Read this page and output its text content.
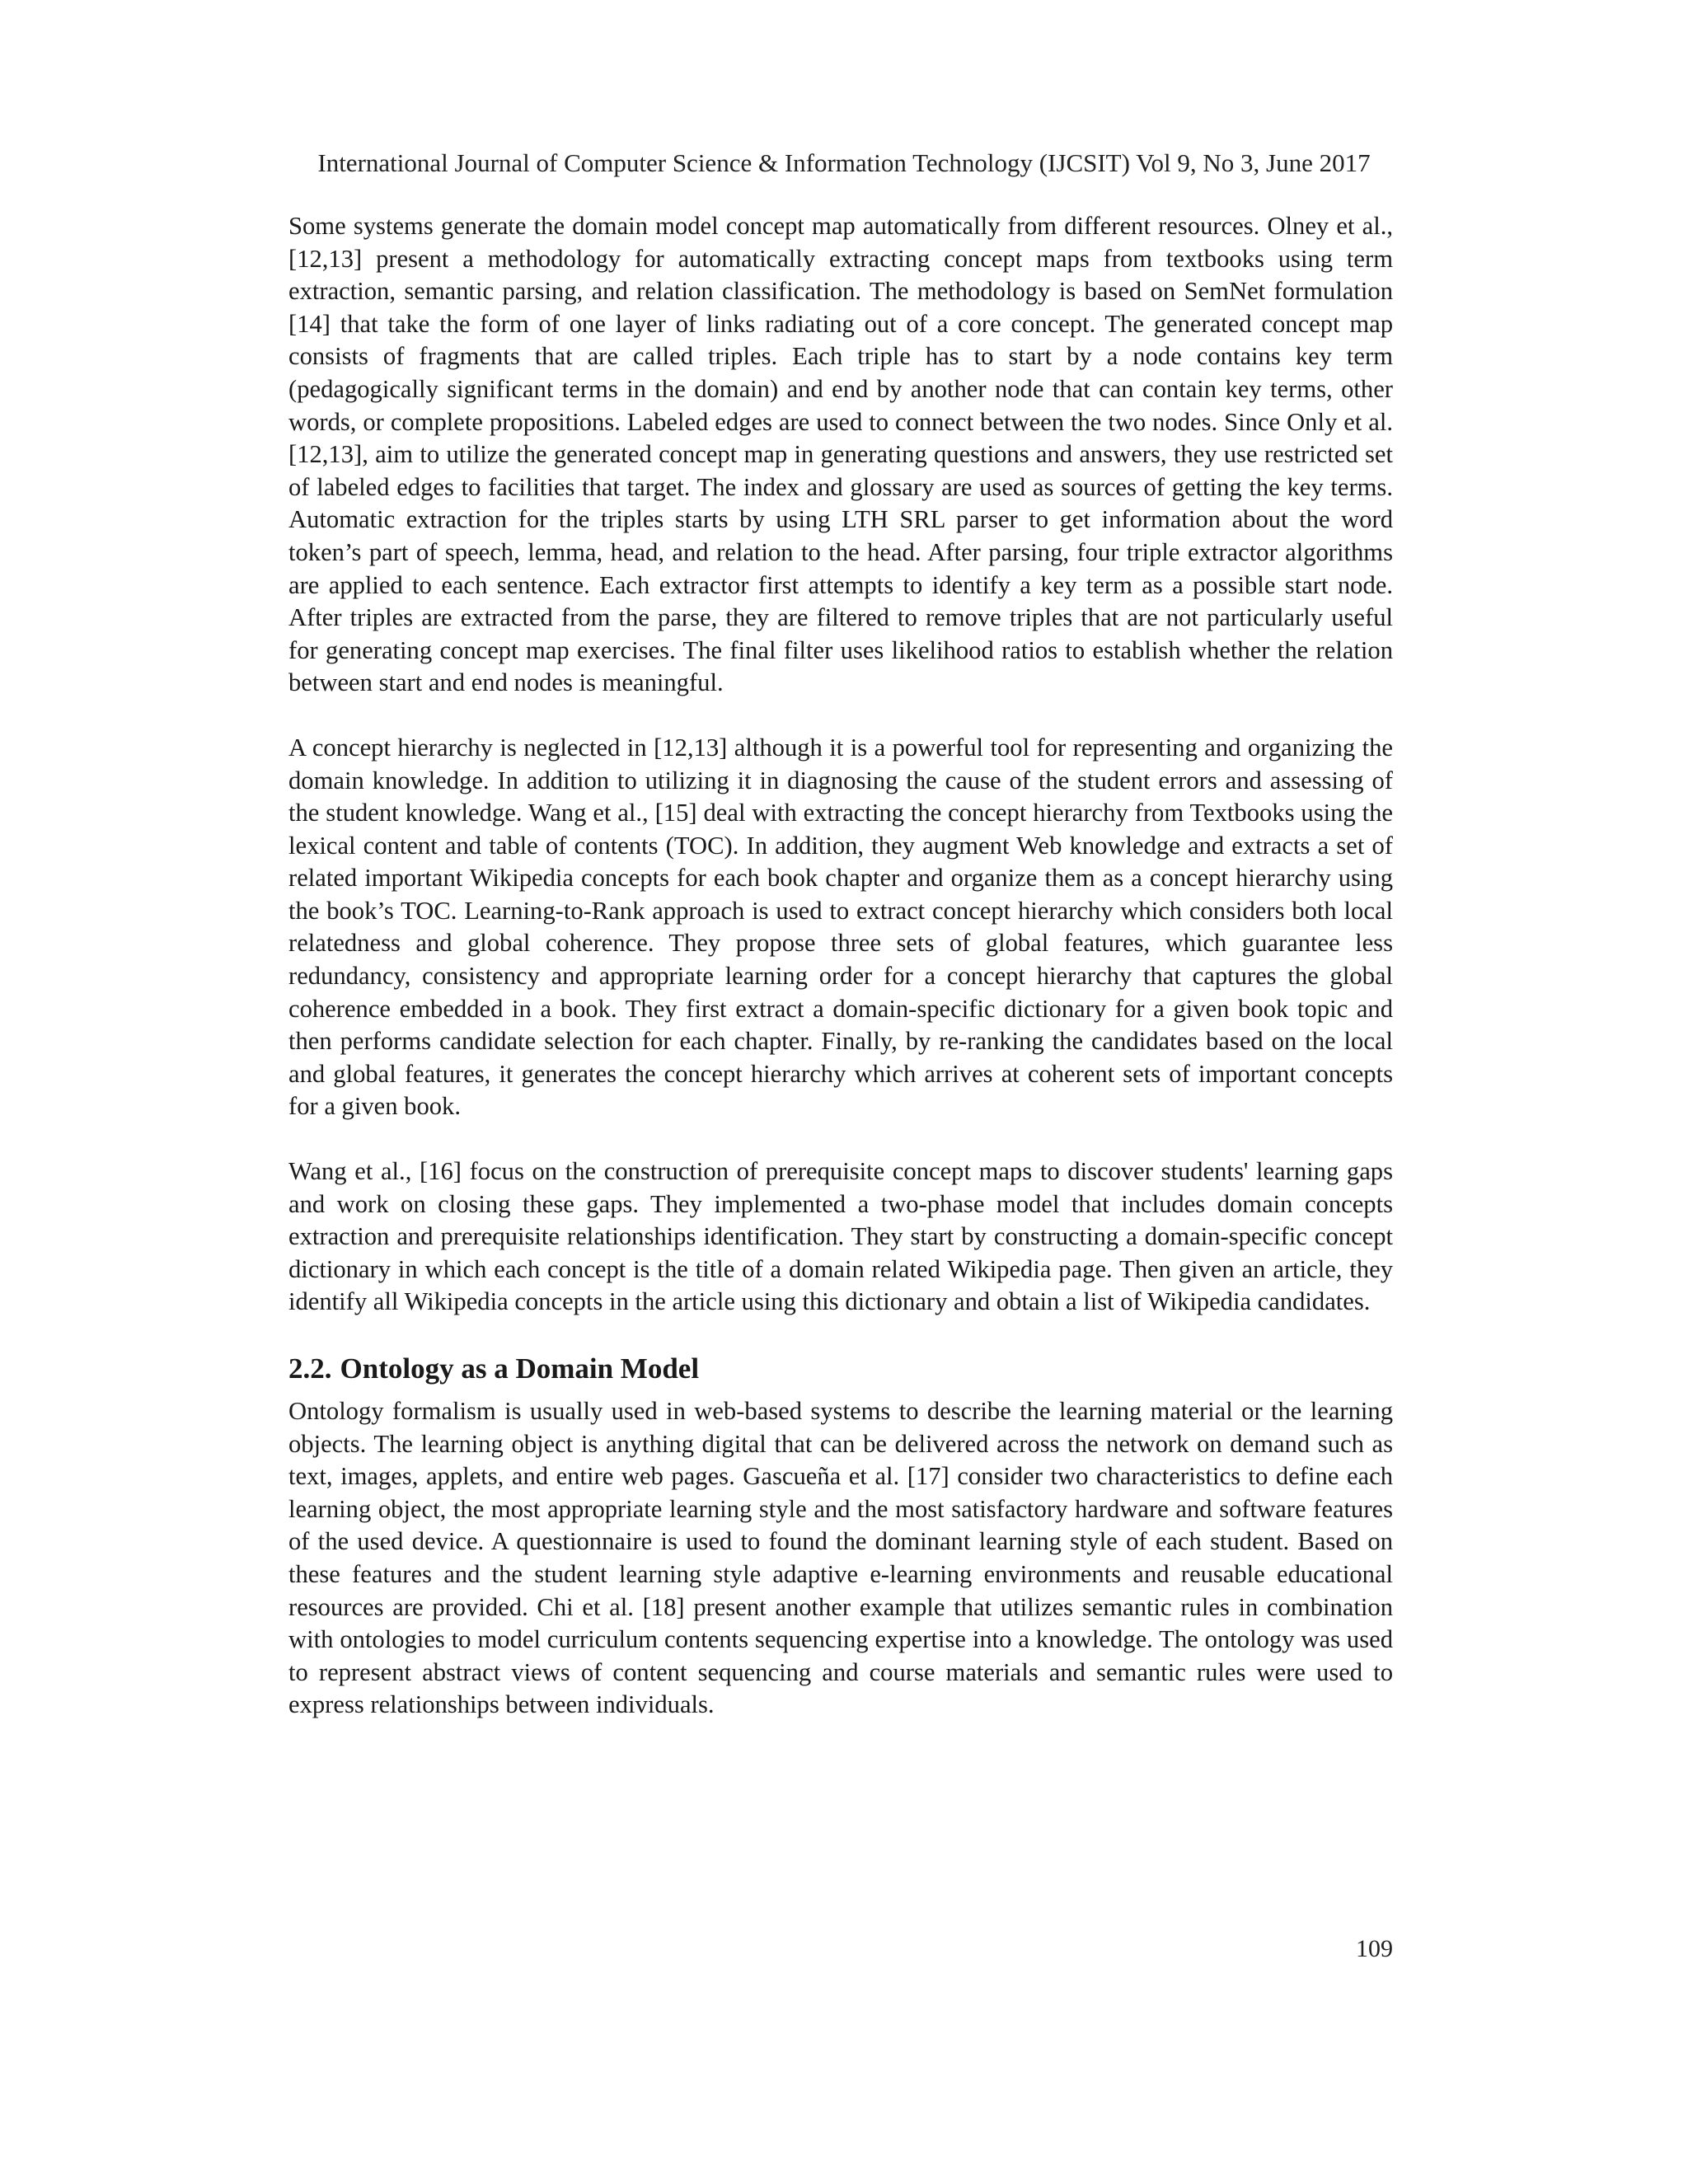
International Journal of Computer Science & Information Technology (IJCSIT) Vol 9, No 3, June 2017

Some systems generate the domain model concept map automatically from different resources. Olney et al., [12,13] present a methodology for automatically extracting concept maps from textbooks using term extraction, semantic parsing, and relation classification. The methodology is based on SemNet formulation [14] that take the form of one layer of links radiating out of a core concept. The generated concept map consists of fragments that are called triples. Each triple has to start by a node contains key term (pedagogically significant terms in the domain) and end by another node that can contain key terms, other words, or complete propositions. Labeled edges are used to connect between the two nodes. Since Only et al. [12,13], aim to utilize the generated concept map in generating questions and answers, they use restricted set of labeled edges to facilities that target. The index and glossary are used as sources of getting the key terms. Automatic extraction for the triples starts by using LTH SRL parser to get information about the word token’s part of speech, lemma, head, and relation to the head. After parsing, four triple extractor algorithms are applied to each sentence. Each extractor first attempts to identify a key term as a possible start node. After triples are extracted from the parse, they are filtered to remove triples that are not particularly useful for generating concept map exercises. The final filter uses likelihood ratios to establish whether the relation between start and end nodes is meaningful.

A concept hierarchy is neglected in [12,13] although it is a powerful tool for representing and organizing the domain knowledge. In addition to utilizing it in diagnosing the cause of the student errors and assessing of the student knowledge. Wang et al., [15] deal with extracting the concept hierarchy from Textbooks using the lexical content and table of contents (TOC). In addition, they augment Web knowledge and extracts a set of related important Wikipedia concepts for each book chapter and organize them as a concept hierarchy using the book’s TOC. Learning-to-Rank approach is used to extract concept hierarchy which considers both local relatedness and global coherence. They propose three sets of global features, which guarantee less redundancy, consistency and appropriate learning order for a concept hierarchy that captures the global coherence embedded in a book. They first extract a domain-specific dictionary for a given book topic and then performs candidate selection for each chapter. Finally, by re-ranking the candidates based on the local and global features, it generates the concept hierarchy which arrives at coherent sets of important concepts for a given book.

Wang et al., [16] focus on the construction of prerequisite concept maps to discover students' learning gaps and work on closing these gaps. They implemented a two-phase model that includes domain concepts extraction and prerequisite relationships identification. They start by constructing a domain-specific concept dictionary in which each concept is the title of a domain related Wikipedia page. Then given an article, they identify all Wikipedia concepts in the article using this dictionary and obtain a list of Wikipedia candidates.

2.2. Ontology as a Domain Model

Ontology formalism is usually used in web-based systems to describe the learning material or the learning objects. The learning object is anything digital that can be delivered across the network on demand such as text, images, applets, and entire web pages. Gascueña et al. [17] consider two characteristics to define each learning object, the most appropriate learning style and the most satisfactory hardware and software features of the used device. A questionnaire is used to found the dominant learning style of each student. Based on these features and the student learning style adaptive e-learning environments and reusable educational resources are provided. Chi et al. [18] present another example that utilizes semantic rules in combination with ontologies to model curriculum contents sequencing expertise into a knowledge. The ontology was used to represent abstract views of content sequencing and course materials and semantic rules were used to express relationships between individuals.

109
